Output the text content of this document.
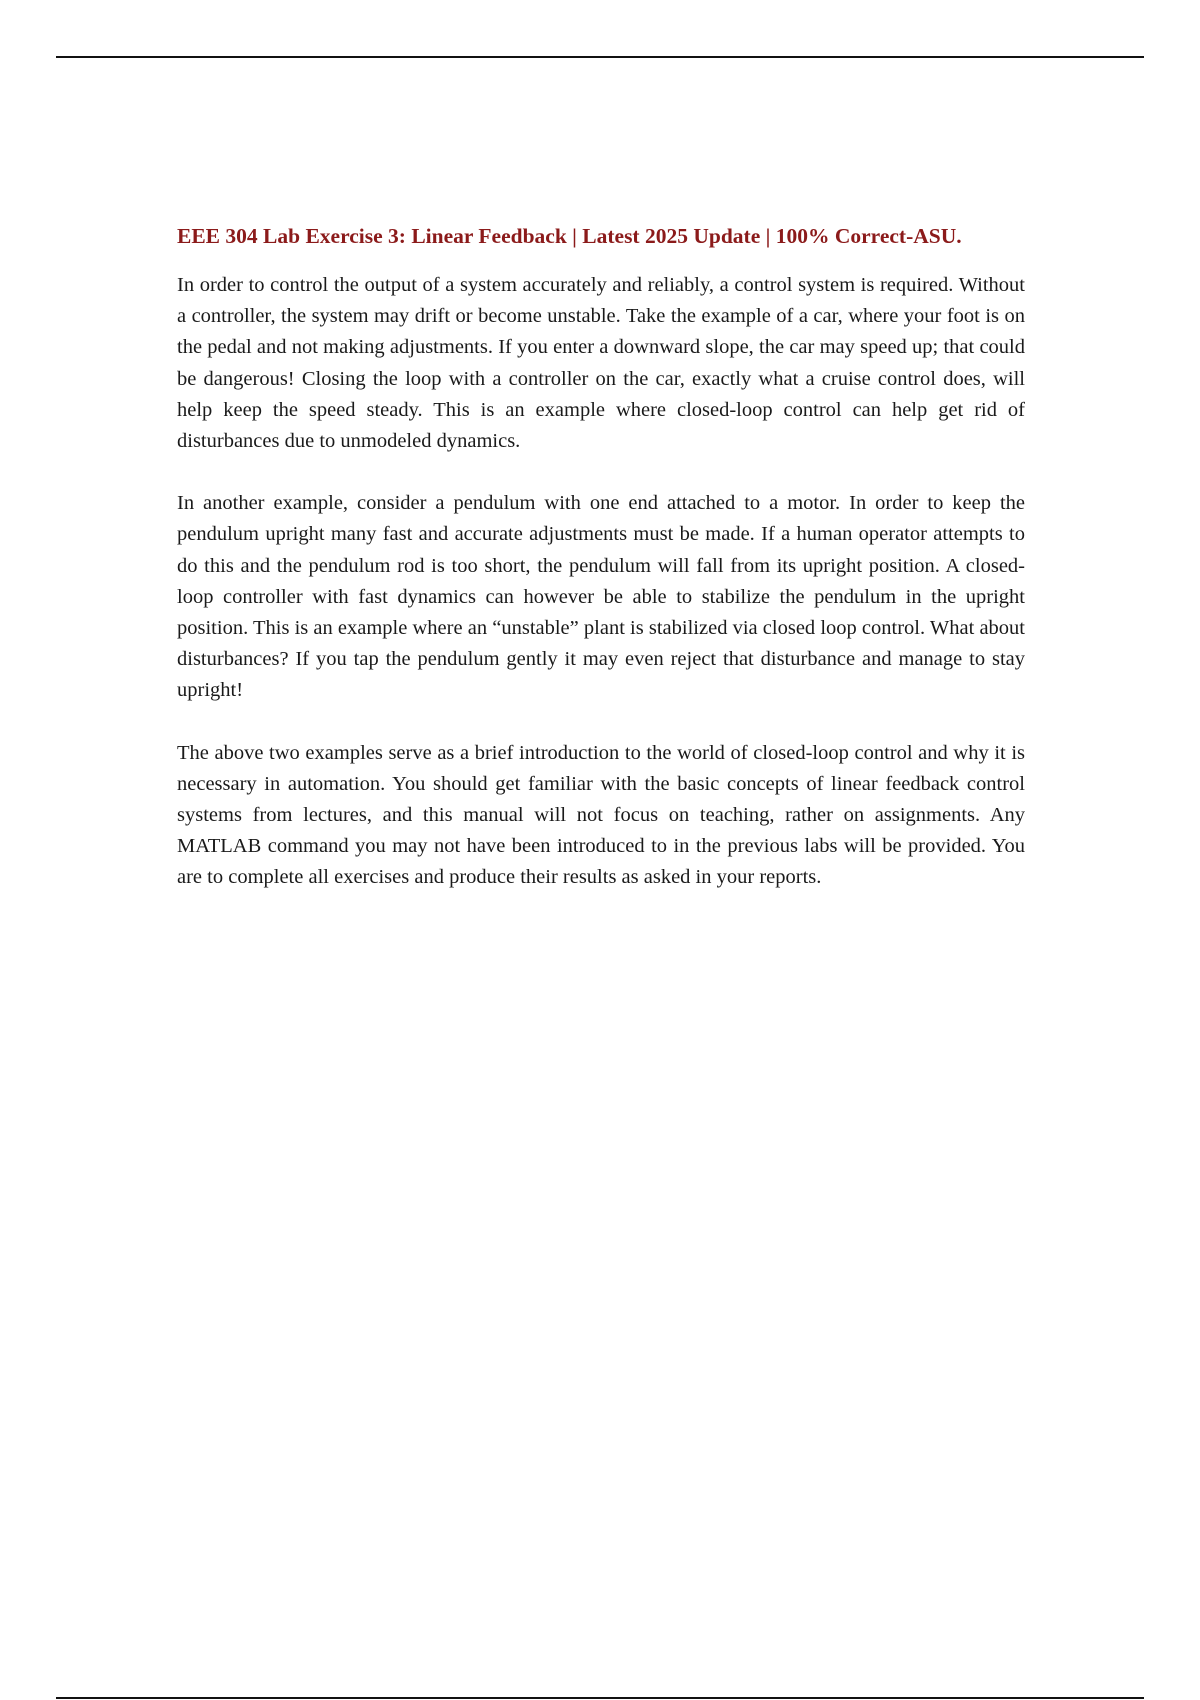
EEE 304 Lab Exercise 3: Linear Feedback | Latest 2025 Update | 100% Correct-ASU.

In order to control the output of a system accurately and reliably, a control system is required. Without a controller, the system may drift or become unstable. Take the example of a car, where your foot is on the pedal and not making adjustments. If you enter a downward slope, the car may speed up; that could be dangerous! Closing the loop with a controller on the car, exactly what a cruise control does, will help keep the speed steady. This is an example where closed-loop control can help get rid of disturbances due to unmodeled dynamics.

In another example, consider a pendulum with one end attached to a motor. In order to keep the pendulum upright many fast and accurate adjustments must be made. If a human operator attempts to do this and the pendulum rod is too short, the pendulum will fall from its upright position. A closed-loop controller with fast dynamics can however be able to stabilize the pendulum in the upright position. This is an example where an “unstable” plant is stabilized via closed loop control. What about disturbances? If you tap the pendulum gently it may even reject that disturbance and manage to stay upright!

The above two examples serve as a brief introduction to the world of closed-loop control and why it is necessary in automation. You should get familiar with the basic concepts of linear feedback control systems from lectures, and this manual will not focus on teaching, rather on assignments. Any MATLAB command you may not have been introduced to in the previous labs will be provided. You are to complete all exercises and produce their results as asked in your reports.
